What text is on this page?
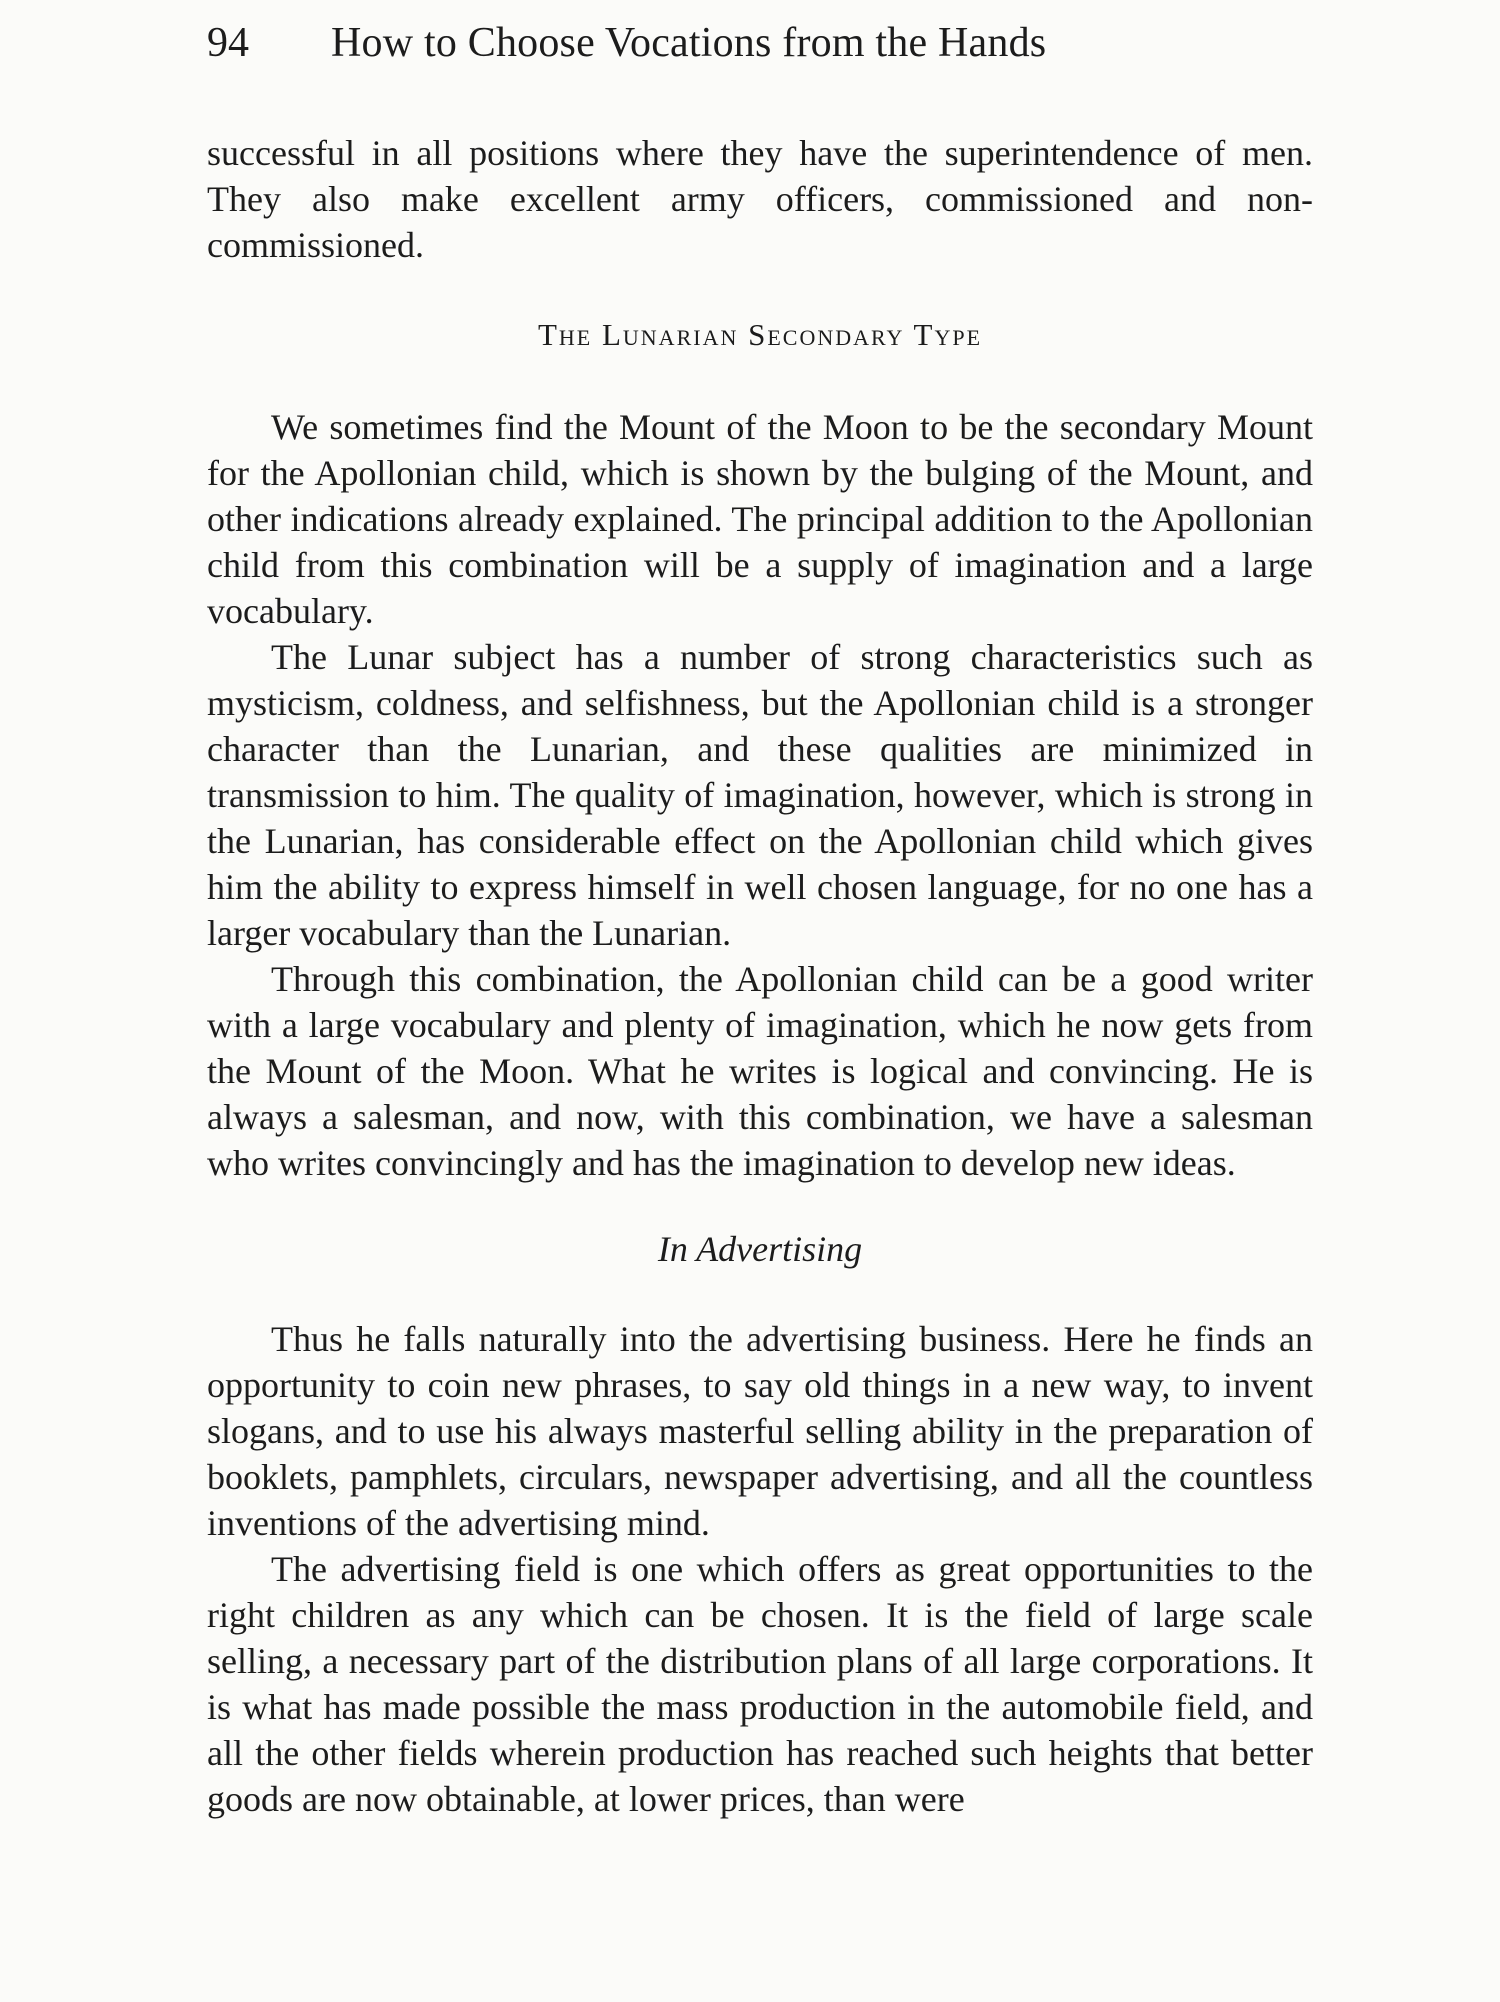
94	How to Choose Vocations from the Hands

successful in all positions where they have the superintendence of men. They also make excellent army officers, commissioned and non-commissioned.

The Lunarian Secondary Type

We sometimes find the Mount of the Moon to be the secondary Mount for the Apollonian child, which is shown by the bulging of the Mount, and other indications already explained. The principal addition to the Apollonian child from this combination will be a supply of imagination and a large vocabulary.

The Lunar subject has a number of strong characteristics such as mysticism, coldness, and selfishness, but the Apollonian child is a stronger character than the Lunarian, and these qualities are minimized in transmission to him. The quality of imagination, however, which is strong in the Lunarian, has considerable effect on the Apollonian child which gives him the ability to express himself in well chosen language, for no one has a larger vocabulary than the Lunarian.

Through this combination, the Apollonian child can be a good writer with a large vocabulary and plenty of imagination, which he now gets from the Mount of the Moon. What he writes is logical and convincing. He is always a salesman, and now, with this combination, we have a salesman who writes convincingly and has the imagination to develop new ideas.

In Advertising

Thus he falls naturally into the advertising business. Here he finds an opportunity to coin new phrases, to say old things in a new way, to invent slogans, and to use his always masterful selling ability in the preparation of booklets, pamphlets, circulars, newspaper advertising, and all the countless inventions of the advertising mind.

The advertising field is one which offers as great opportunities to the right children as any which can be chosen. It is the field of large scale selling, a necessary part of the distribution plans of all large corporations. It is what has made possible the mass production in the automobile field, and all the other fields wherein production has reached such heights that better goods are now obtainable, at lower prices, than were
